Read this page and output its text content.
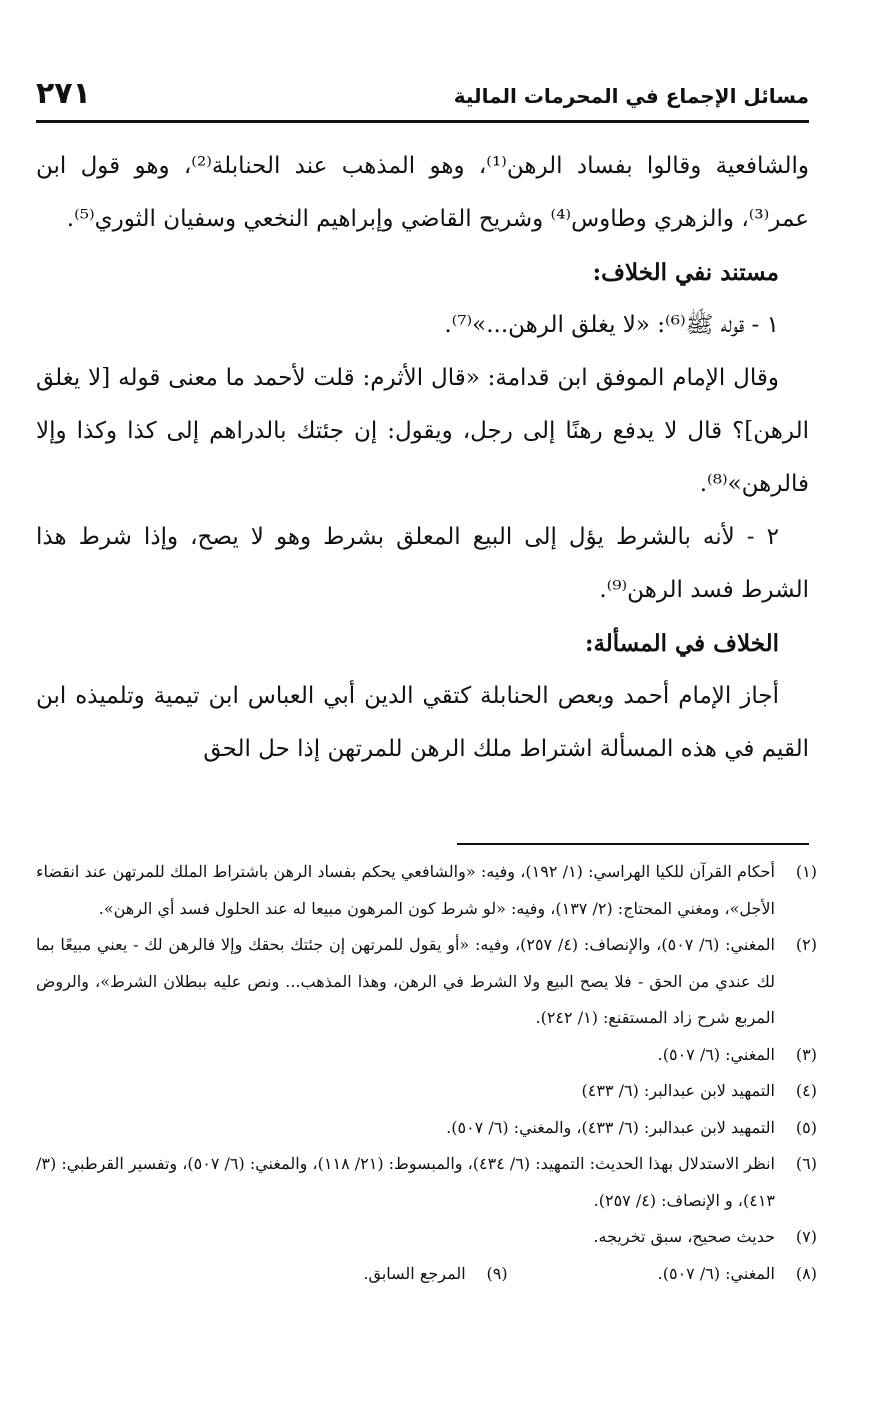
مسائل الإجماع في المحرمات المالية
٢٧١

والشافعية وقالوا بفساد الرهن⁽¹⁾، وهو المذهب عند الحنابلة⁽²⁾، وهو قول ابن عمر⁽³⁾، والزهري وطاوس⁽⁴⁾ وشريح القاضي وإبراهيم النخعي وسفيان الثوري⁽⁵⁾.

مستند نفي الخلاف:

١ - قوله ﷺ⁽⁶⁾: «لا يغلق الرهن...»⁽⁷⁾.

وقال الإمام الموفق ابن قدامة: «قال الأثرم: قلت لأحمد ما معنى قوله [لا يغلق الرهن]؟ قال لا يدفع رهنًا إلى رجل، ويقول: إن جئتك بالدراهم إلى كذا وكذا وإلا فالرهن»⁽⁸⁾.

٢ - لأنه بالشرط يؤل إلى البيع المعلق بشرط وهو لا يصح، وإذا شرط هذا الشرط فسد الرهن⁽⁹⁾.

الخلاف في المسألة:

أجاز الإمام أحمد وبعص الحنابلة كتقي الدين أبي العباس ابن تيمية وتلميذه ابن القيم في هذه المسألة اشتراط ملك الرهن للمرتهن إذا حل الحق

(١)
أحكام القرآن للكيا الهراسي: (١/ ١٩٢)، وفيه: «والشافعي يحكم بفساد الرهن باشتراط الملك للمرتهن عند انقضاء الأجل»، ومغني المحتاج: (٢/ ١٣٧)، وفيه: «لو شرط كون المرهون مبيعا له عند الحلول فسد أي الرهن».
(٢)
المغني: (٦/ ٥٠٧)، والإنصاف: (٤/ ٢٥٧)، وفيه: «أو يقول للمرتهن إن جئتك بحقك وإلا فالرهن لك - يعني مبيعًا بما لك عندي من الحق - فلا يصح البيع ولا الشرط في الرهن، وهذا المذهب... ونص عليه ببطلان الشرط»، والروض المربع شرح زاد المستقنع: (١/ ٢٤٢).
(٣)
المغني: (٦/ ٥٠٧).
(٤)
التمهيد لابن عبدالبر: (٦/ ٤٣٣)
(٥)
التمهيد لابن عبدالبر: (٦/ ٤٣٣)، والمغني: (٦/ ٥٠٧).
(٦)
انظر الاستدلال بهذا الحديث: التمهيد: (٦/ ٤٣٤)، والمبسوط: (٢١/ ١١٨)، والمغني: (٦/ ٥٠٧)، وتفسير القرطبي: (٣/ ٤١٣)، و الإنصاف: (٤/ ٢٥٧).
(٧)
حديث صحيح، سبق تخريجه.
(٨)
المغني: (٦/ ٥٠٧).
(٩)
المرجع السابق.
